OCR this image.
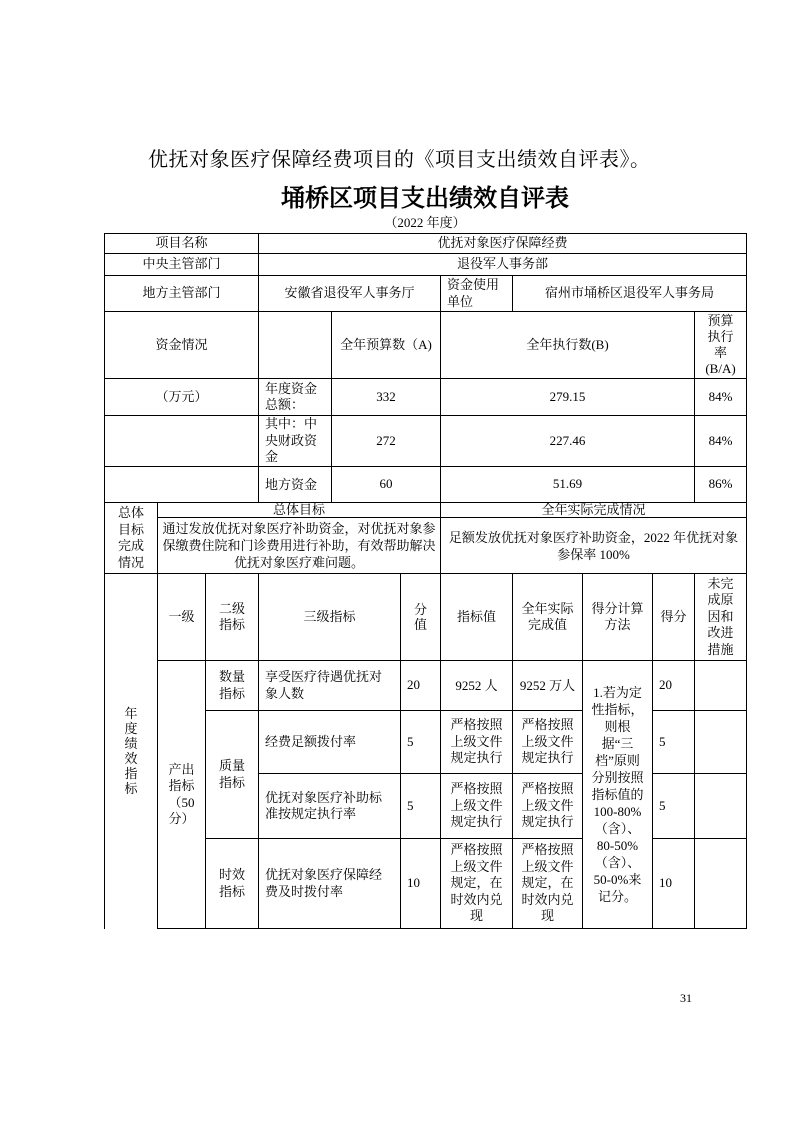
优抚对象医疗保障经费项目的《项目支出绩效自评表》。
埇桥区项目支出绩效自评表
（2022 年度）
项目名称			优抚对象医疗保障经费							
中央主管部门			退役军人事务部							
地方主管部门			安徽省退役军人事务厅			资金使用单位	宿州市埇桥区退役军人事务局			
资金情况				全年预算数（A)		全年执行数(B)				预算执行率(B/A)
（万元）			年度资金总额：	332		279.15				84%
			其中：中央财政资金	272		227.46				84%
			地方资金	60		51.69				86%
总体目标完成情况	总体目标					全年实际完成情况				
	通过发放优抚对象医疗补助资金，对优抚对象参保缴费住院和门诊费用进行补助，有效帮助解决优抚对象医疗难问题。					足额发放优抚对象医疗补助资金，2022 年优抚对象参保率 100%				
年度绩效指标	一级	二级指标	三级指标		分值	指标值	全年实际完成值	得分计算方法	得分	未完成原因和改进措施
	产出指标（50分）	数量指标	享受医疗待遇优抚对象人数		20	9252 人	9252 万人	1.若为定性指标，则根据“三档”原则分别按照指标值的100-80%（含）、80-50%（含）、50-0%来记分。	20	
		质量指标	经费足额拨付率		5	严格按照上级文件规定执行	严格按照上级文件规定执行		5	
			优抚对象医疗补助标准按规定执行率		5	严格按照上级文件规定执行	严格按照上级文件规定执行		5	
		时效指标	优抚对象医疗保障经费及时拨付率		10	严格按照上级文件规定，在时效内兑现	严格按照上级文件规定，在时效内兑现		10	
31
